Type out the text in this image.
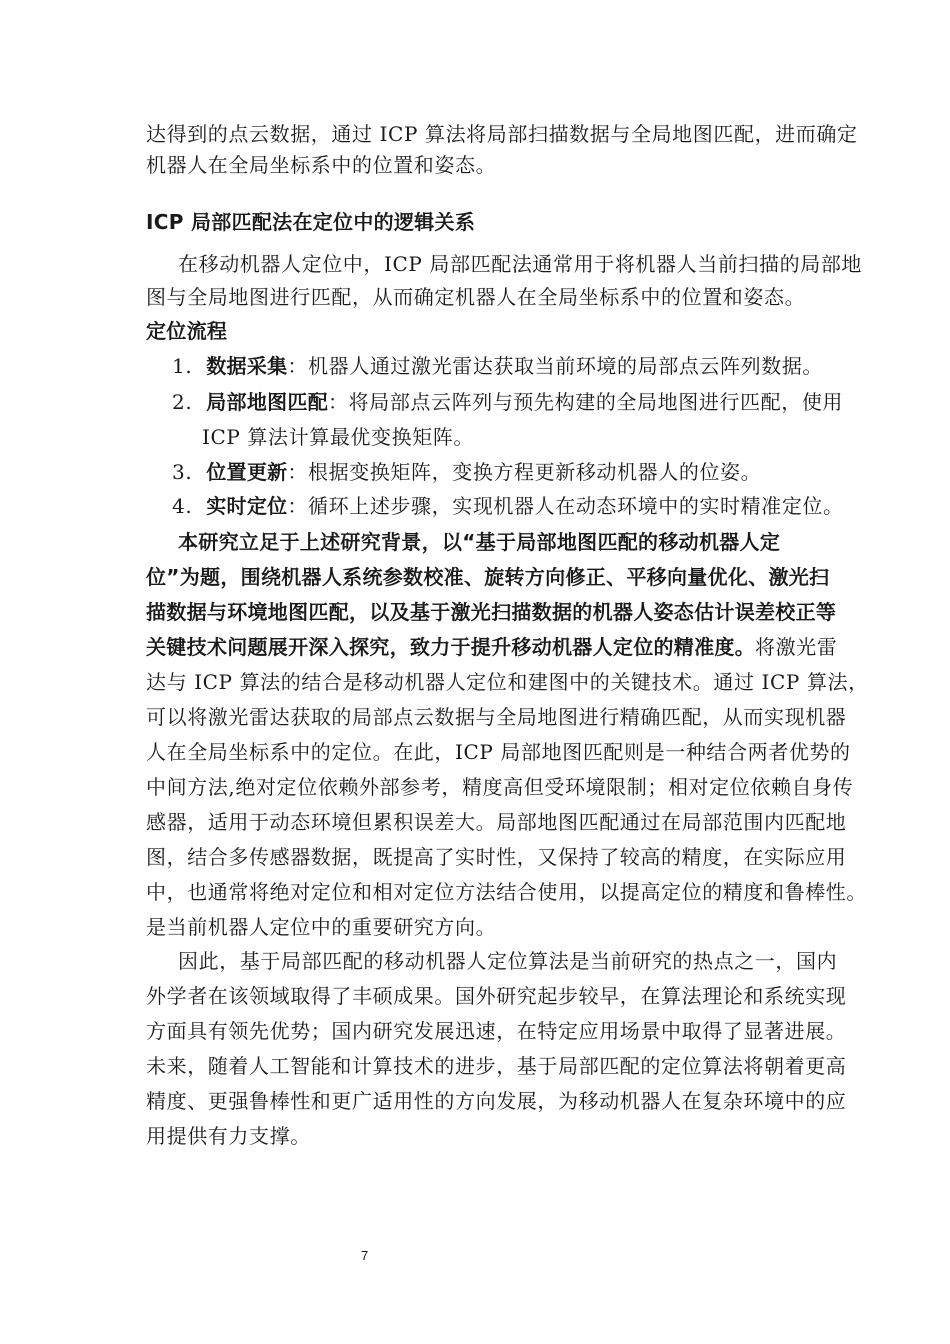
达得到的点云数据，通过 ICP 算法将局部扫描数据与全局地图匹配，进而确定
机器人在全局坐标系中的位置和姿态。
ICP 局部匹配法在定位中的逻辑关系
在移动机器人定位中，ICP 局部匹配法通常用于将机器人当前扫描的局部地
图与全局地图进行匹配，从而确定机器人在全局坐标系中的位置和姿态。
定位流程
1. 数据采集：机器人通过激光雷达获取当前环境的局部点云阵列数据。
2. 局部地图匹配：将局部点云阵列与预先构建的全局地图进行匹配，使用
ICP 算法计算最优变换矩阵。
3. 位置更新：根据变换矩阵，变换方程更新移动机器人的位姿。
4. 实时定位：循环上述步骤，实现机器人在动态环境中的实时精准定位。
本研究立足于上述研究背景，以“基于局部地图匹配的移动机器人定
位”为题，围绕机器人系统参数校准、旋转方向修正、平移向量优化、激光扫
描数据与环境地图匹配，以及基于激光扫描数据的机器人姿态估计误差校正等
关键技术问题展开深入探究，致力于提升移动机器人定位的精准度。将激光雷
达与 ICP 算法的结合是移动机器人定位和建图中的关键技术。通过 ICP 算法，
可以将激光雷达获取的局部点云数据与全局地图进行精确匹配，从而实现机器
人在全局坐标系中的定位。在此，ICP 局部地图匹配则是一种结合两者优势的
中间方法,绝对定位依赖外部参考，精度高但受环境限制；相对定位依赖自身传
感器，适用于动态环境但累积误差大。局部地图匹配通过在局部范围内匹配地
图，结合多传感器数据，既提高了实时性，又保持了较高的精度，在实际应用
中，也通常将绝对定位和相对定位方法结合使用，以提高定位的精度和鲁棒性。
是当前机器人定位中的重要研究方向。
因此，基于局部匹配的移动机器人定位算法是当前研究的热点之一，国内
外学者在该领域取得了丰硕成果。国外研究起步较早，在算法理论和系统实现
方面具有领先优势；国内研究发展迅速，在特定应用场景中取得了显著进展。
未来，随着人工智能和计算技术的进步，基于局部匹配的定位算法将朝着更高
精度、更强鲁棒性和更广适用性的方向发展，为移动机器人在复杂环境中的应
用提供有力支撑。
7
